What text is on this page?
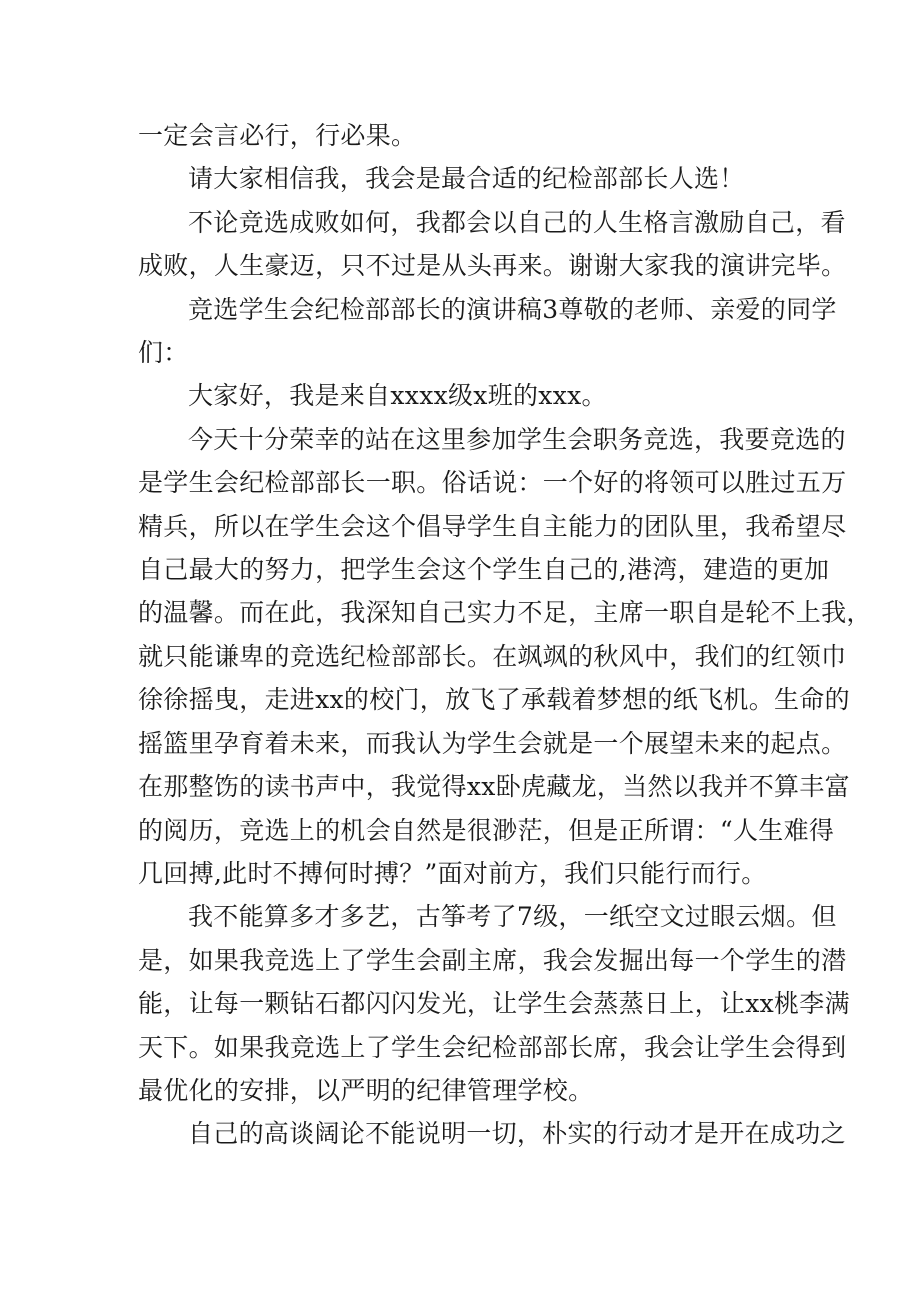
一定会言必行，行必果。

请大家相信我，我会是最合适的纪检部部长人选！

不论竞选成败如何，我都会以自己的人生格言激励自己，看
成败，人生豪迈，只不过是从头再来。谢谢大家我的演讲完毕。

竞选学生会纪检部部长的演讲稿3尊敬的老师、亲爱的同学
们：

大家好，我是来自xxxx级x班的xxx。

今天十分荣幸的站在这里参加学生会职务竞选，我要竞选的
是学生会纪检部部长一职。俗话说：一个好的将领可以胜过五万
精兵，所以在学生会这个倡导学生自主能力的团队里，我希望尽
自己最大的努力，把学生会这个学生自己的,港湾，建造的更加
的温馨。而在此，我深知自己实力不足，主席一职自是轮不上我，
就只能谦卑的竞选纪检部部长。在飒飒的秋风中，我们的红领巾
徐徐摇曳，走进xx的校门，放飞了承载着梦想的纸飞机。生命的
摇篮里孕育着未来，而我认为学生会就是一个展望未来的起点。
在那整饬的读书声中，我觉得xx卧虎藏龙，当然以我并不算丰富
的阅历，竞选上的机会自然是很渺茫，但是正所谓：“人生难得
几回搏,此时不搏何时搏？”面对前方，我们只能行而行。

我不能算多才多艺，古筝考了7级，一纸空文过眼云烟。但
是，如果我竞选上了学生会副主席，我会发掘出每一个学生的潜
能，让每一颗钻石都闪闪发光，让学生会蒸蒸日上，让xx桃李满
天下。如果我竞选上了学生会纪检部部长席，我会让学生会得到
最优化的安排，以严明的纪律管理学校。

自己的高谈阔论不能说明一切，朴实的行动才是开在成功之
